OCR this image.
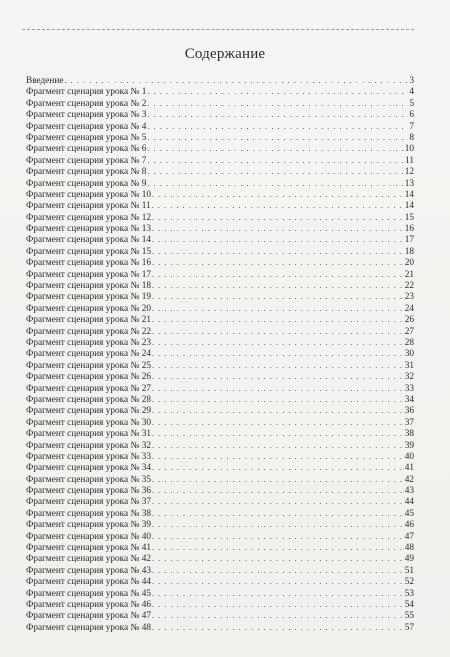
Содержание
Введение . . .	3
Фрагмент сценария урока № 1 . . .	4
Фрагмент сценария урока № 2 . . .	5
Фрагмент сценария урока № 3 . . .	6
Фрагмент сценария урока № 4 . . .	7
Фрагмент сценария урока № 5 . . .	8
Фрагмент сценария урока № 6 . . .	10
Фрагмент сценария урока № 7 . . .	11
Фрагмент сценария урока № 8 . . .	12
Фрагмент сценария урока № 9 . . .	13
Фрагмент сценария урока № 10 . . .	14
Фрагмент сценария урока № 11 . . .	14
Фрагмент сценария урока № 12 . . .	15
Фрагмент сценария урока № 13 . . .	16
Фрагмент сценария урока № 14 . . .	17
Фрагмент сценария урока № 15 . . .	18
Фрагмент сценария урока № 16 . . .	20
Фрагмент сценария урока № 17 . . .	21
Фрагмент сценария урока № 18 . . .	22
Фрагмент сценария урока № 19 . . .	23
Фрагмент сценария урока № 20 . . .	24
Фрагмент сценария урока № 21 . . .	26
Фрагмент сценария урока № 22 . . .	27
Фрагмент сценария урока № 23 . . .	28
Фрагмент сценария урока № 24 . . .	30
Фрагмент сценария урока № 25 . . .	31
Фрагмент сценария урока № 26 . . .	32
Фрагмент сценария урока № 27 . . .	33
Фрагмент сценария урока № 28 . . .	34
Фрагмент сценария урока № 29 . . .	36
Фрагмент сценария урока № 30 . . .	37
Фрагмент сценария урока № 31 . . .	38
Фрагмент сценария урока № 32 . . .	39
Фрагмент сценария урока № 33 . . .	40
Фрагмент сценария урока № 34 . . .	41
Фрагмент сценария урока № 35 . . .	42
Фрагмент сценария урока № 36 . . .	43
Фрагмент сценария урока № 37 . . .	44
Фрагмент сценария урока № 38 . . .	45
Фрагмент сценария урока № 39 . . .	46
Фрагмент сценария урока № 40 . . .	47
Фрагмент сценария урока № 41 . . .	48
Фрагмент сценария урока № 42 . . .	49
Фрагмент сценария урока № 43 . . .	51
Фрагмент сценария урока № 44 . . .	52
Фрагмент сценария урока № 45 . . .	53
Фрагмент сценария урока № 46 . . .	54
Фрагмент сценария урока № 47 . . .	55
Фрагмент сценария урока № 48 . . .	57
